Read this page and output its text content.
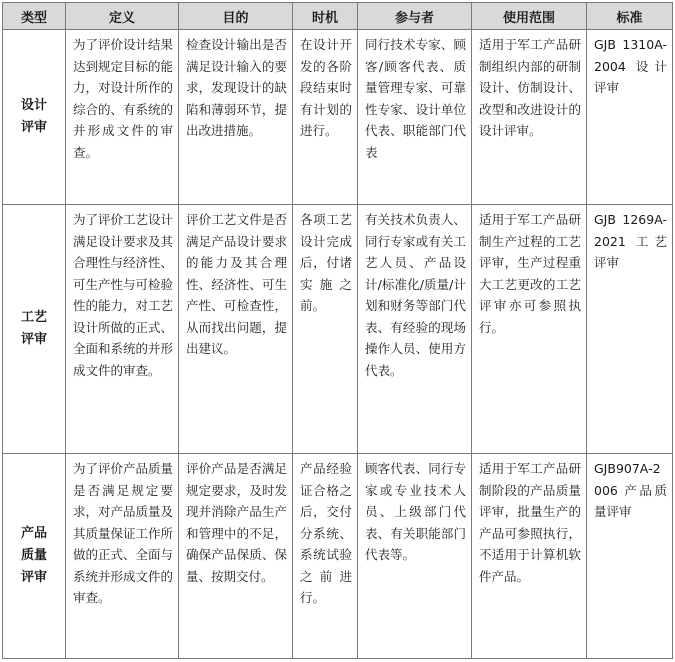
类型	定义	目的	时机	参与者	使用范围	标准
设计评审	为了评价设计结果达到规定目标的能力，对设计所作的综合的、有系统的并形成文件的审查。	检查设计输出是否满足设计输入的要求，发现设计的缺陷和薄弱环节，提出改进措施。	在设计开发的各阶段结束时有计划的进行。	同行技术专家、顾客/顾客代表、质量管理专家、可靠性专家、设计单位代表、职能部门代表	适用于军工产品研制组织内部的研制设计、仿制设计、改型和改进设计的设计评审。	GJB 1310A-2004 设计评审
工艺评审	为了评价工艺设计满足设计要求及其合理性与经济性、可生产性与可检验性的能力，对工艺设计所做的正式、全面和系统的并形成文件的审查。	评价工艺文件是否满足产品设计要求的能力及其合理性、经济性、可生产性、可检查性，从而找出问题，提出建议。	各项工艺设计完成后，付诸实施之前。	有关技术负责人、同行专家或有关工艺人员、产品设计/标准化/质量/计划和财务等部门代表、有经验的现场操作人员、使用方代表。	适用于军工产品研制生产过程的工艺评审，生产过程重大工艺更改的工艺评审亦可参照执行。	GJB 1269A-2021 工艺评审
产品质量评审	为了评价产品质量是否满足规定要求，对产品质量及其质量保证工作所做的正式、全面与系统并形成文件的审查。	评价产品是否满足规定要求，及时发现并消除产品生产和管理中的不足，确保产品保质、保量、按期交付。	产品经验证合格之后，交付分系统、系统试验之前进行。	顾客代表、同行专家或专业技术人员、上级部门代表、有关职能部门代表等。	适用于军工产品研制阶段的产品质量评审，批量生产的产品可参照执行，不适用于计算机软件产品。	GJB907A-2006 产品质量评审
